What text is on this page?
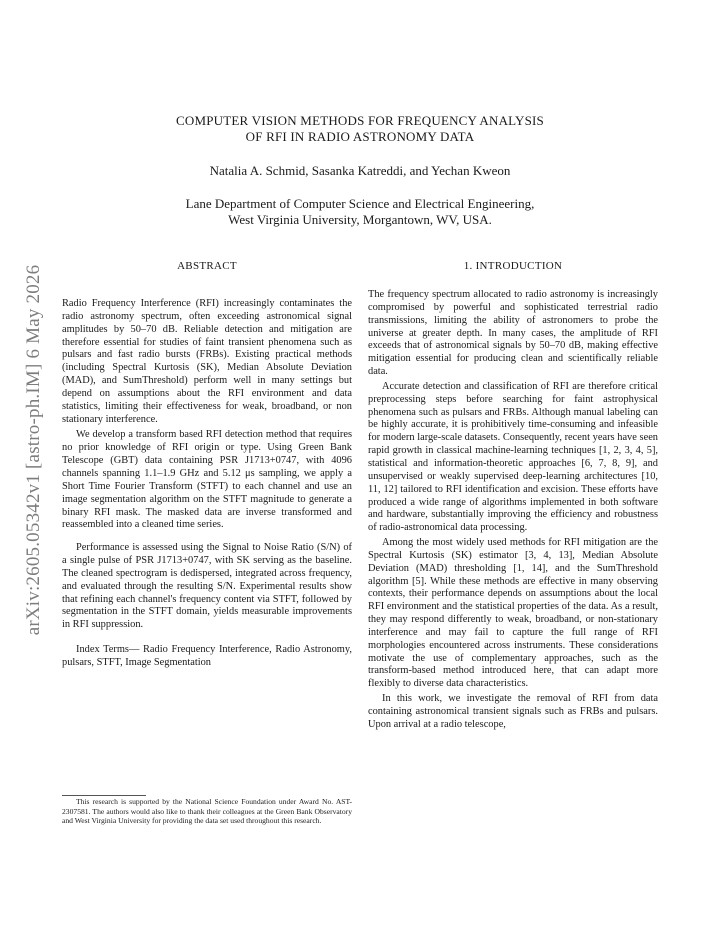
arXiv:2605.05342v1 [astro-ph.IM] 6 May 2026
COMPUTER VISION METHODS FOR FREQUENCY ANALYSIS
OF RFI IN RADIO ASTRONOMY DATA
Natalia A. Schmid, Sasanka Katreddi, and Yechan Kweon
Lane Department of Computer Science and Electrical Engineering,
West Virginia University, Morgantown, WV, USA.
ABSTRACT

Radio Frequency Interference (RFI) increasingly contaminates the radio astronomy spectrum, often exceeding astronomical signal amplitudes by 50–70 dB. Reliable detection and mitigation are therefore essential for studies of faint transient phenomena such as pulsars and fast radio bursts (FRBs). Existing practical methods (including Spectral Kurtosis (SK), Median Absolute Deviation (MAD), and SumThreshold) perform well in many settings but depend on assumptions about the RFI environment and data statistics, limiting their effectiveness for weak, broadband, or non stationary interference.

We develop a transform based RFI detection method that requires no prior knowledge of RFI origin or type. Using Green Bank Telescope (GBT) data containing PSR J1713+0747, with 4096 channels spanning 1.1–1.9 GHz and 5.12 μs sampling, we apply a Short Time Fourier Transform (STFT) to each channel and use an image segmentation algorithm on the STFT magnitude to generate a binary RFI mask. The masked data are inverse transformed and reassembled into a cleaned time series.

Performance is assessed using the Signal to Noise Ratio (S/N) of a single pulse of PSR J1713+0747, with SK serving as the baseline. The cleaned spectrogram is dedispersed, integrated across frequency, and evaluated through the resulting S/N. Experimental results show that refining each channel's frequency content via STFT, followed by segmentation in the STFT domain, yields measurable improvements in RFI suppression.

Index Terms— Radio Frequency Interference, Radio Astronomy, pulsars, STFT, Image Segmentation

This research is supported by the National Science Foundation under Award No. AST-2307581. The authors would also like to thank their colleagues at the Green Bank Observatory and West Virginia University for providing the data set used throughout this research.
1. INTRODUCTION

The frequency spectrum allocated to radio astronomy is increasingly compromised by powerful and sophisticated terrestrial radio transmissions, limiting the ability of astronomers to probe the universe at greater depth. In many cases, the amplitude of RFI exceeds that of astronomical signals by 50–70 dB, making effective mitigation essential for producing clean and scientifically reliable data.

Accurate detection and classification of RFI are therefore critical preprocessing steps before searching for faint astrophysical phenomena such as pulsars and FRBs. Although manual labeling can be highly accurate, it is prohibitively time-consuming and infeasible for modern large-scale datasets. Consequently, recent years have seen rapid growth in classical machine-learning techniques [1, 2, 3, 4, 5], statistical and information-theoretic approaches [6, 7, 8, 9], and unsupervised or weakly supervised deep-learning architectures [10, 11, 12] tailored to RFI identification and excision. These efforts have produced a wide range of algorithms implemented in both software and hardware, substantially improving the efficiency and robustness of radio-astronomical data processing.

Among the most widely used methods for RFI mitigation are the Spectral Kurtosis (SK) estimator [3, 4, 13], Median Absolute Deviation (MAD) thresholding [1, 14], and the SumThreshold algorithm [5]. While these methods are effective in many observing contexts, their performance depends on assumptions about the local RFI environment and the statistical properties of the data. As a result, they may respond differently to weak, broadband, or non-stationary interference and may fail to capture the full range of RFI morphologies encountered across instruments. These considerations motivate the use of complementary approaches, such as the transform-based method introduced here, that can adapt more flexibly to diverse data characteristics.

In this work, we investigate the removal of RFI from data containing astronomical transient signals such as FRBs and pulsars. Upon arrival at a radio telescope,
